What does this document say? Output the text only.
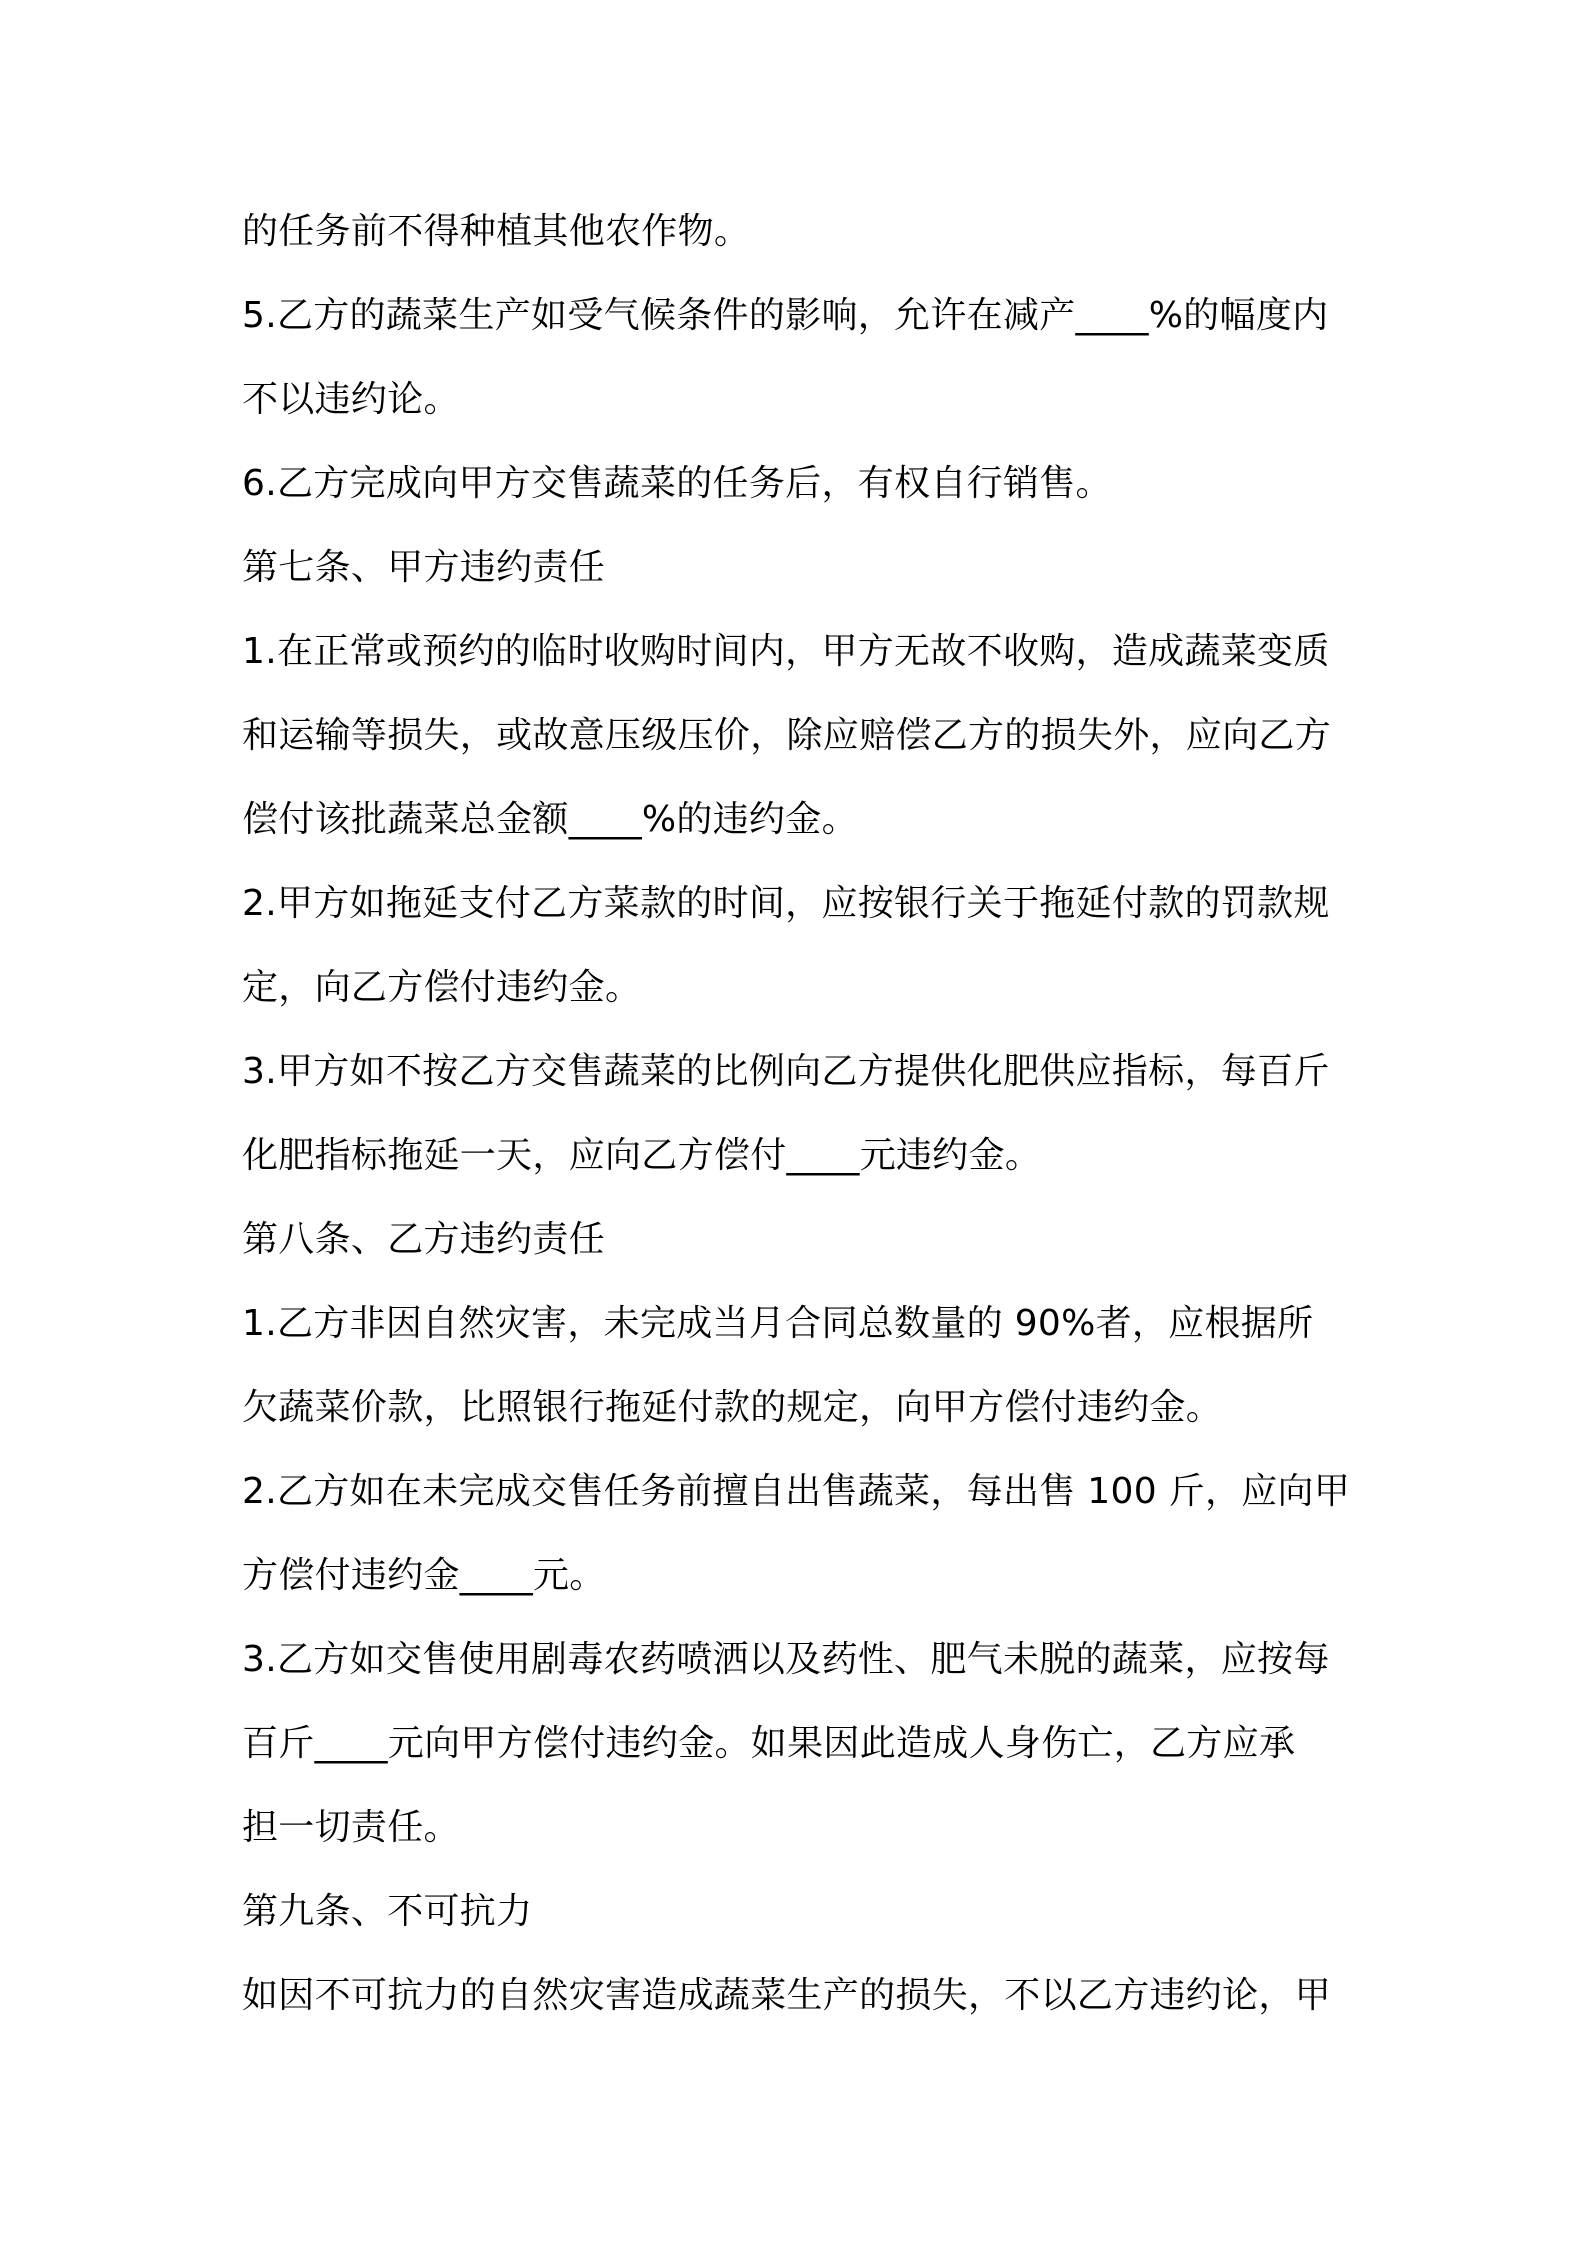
的任务前不得种植其他农作物。
5.乙方的蔬菜生产如受气候条件的影响，允许在减产____%的幅度内
不以违约论。
6.乙方完成向甲方交售蔬菜的任务后，有权自行销售。
第七条、甲方违约责任
1.在正常或预约的临时收购时间内，甲方无故不收购，造成蔬菜变质
和运输等损失，或故意压级压价，除应赔偿乙方的损失外，应向乙方
偿付该批蔬菜总金额____%的违约金。
2.甲方如拖延支付乙方菜款的时间，应按银行关于拖延付款的罚款规
定，向乙方偿付违约金。
3.甲方如不按乙方交售蔬菜的比例向乙方提供化肥供应指标，每百斤
化肥指标拖延一天，应向乙方偿付____元违约金。
第八条、乙方违约责任
1.乙方非因自然灾害，未完成当月合同总数量的 90%者，应根据所
欠蔬菜价款，比照银行拖延付款的规定，向甲方偿付违约金。
2.乙方如在未完成交售任务前擅自出售蔬菜，每出售 100 斤，应向甲
方偿付违约金____元。
3.乙方如交售使用剧毒农药喷洒以及药性、肥气未脱的蔬菜，应按每
百斤____元向甲方偿付违约金。如果因此造成人身伤亡，乙方应承
担一切责任。
第九条、不可抗力
如因不可抗力的自然灾害造成蔬菜生产的损失，不以乙方违约论，甲
